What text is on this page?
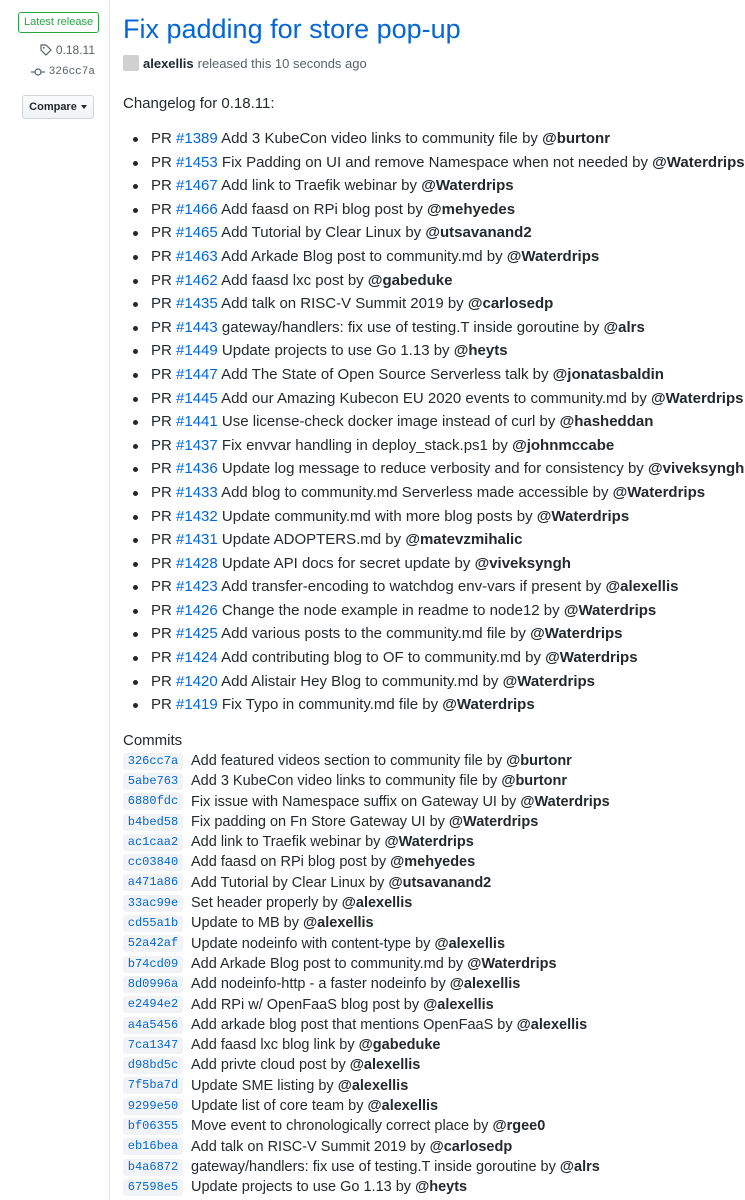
Latest release
0.18.11
326cc7a
Compare
Fix padding for store pop-up
alexellis released this 10 seconds ago
Changelog for 0.18.11:
PR #1389 Add 3 KubeCon video links to community file by @burtonr
PR #1453 Fix Padding on UI and remove Namespace when not needed by @Waterdrips
PR #1467 Add link to Traefik webinar by @Waterdrips
PR #1466 Add faasd on RPi blog post by @mehyedes
PR #1465 Add Tutorial by Clear Linux by @utsavanand2
PR #1463 Add Arkade Blog post to community.md by @Waterdrips
PR #1462 Add faasd lxc post by @gabeduke
PR #1435 Add talk on RISC-V Summit 2019 by @carlosedp
PR #1443 gateway/handlers: fix use of testing.T inside goroutine by @alrs
PR #1449 Update projects to use Go 1.13 by @heyts
PR #1447 Add The State of Open Source Serverless talk by @jonatasbaldin
PR #1445 Add our Amazing Kubecon EU 2020 events to community.md by @Waterdrips
PR #1441 Use license-check docker image instead of curl by @hasheddan
PR #1437 Fix envvar handling in deploy_stack.ps1 by @johnmccabe
PR #1436 Update log message to reduce verbosity and for consistency by @viveksyngh
PR #1433 Add blog to community.md Serverless made accessible by @Waterdrips
PR #1432 Update community.md with more blog posts by @Waterdrips
PR #1431 Update ADOPTERS.md by @matevzmihalic
PR #1428 Update API docs for secret update by @viveksyngh
PR #1423 Add transfer-encoding to watchdog env-vars if present by @alexellis
PR #1426 Change the node example in readme to node12 by @Waterdrips
PR #1425 Add various posts to the community.md file by @Waterdrips
PR #1424 Add contributing blog to OF to community.md by @Waterdrips
PR #1420 Add Alistair Hey Blog to community.md by @Waterdrips
PR #1419 Fix Typo in community.md file by @Waterdrips
Commits
326cc7a Add featured videos section to community file by @burtonr
5abe763 Add 3 KubeCon video links to community file by @burtonr
6880fdc Fix issue with Namespace suffix on Gateway UI by @Waterdrips
b4bed58 Fix padding on Fn Store Gateway UI by @Waterdrips
ac1caa2 Add link to Traefik webinar by @Waterdrips
cc03840 Add faasd on RPi blog post by @mehyedes
a471a86 Add Tutorial by Clear Linux by @utsavanand2
33ac99e Set header properly by @alexellis
cd55a1b Update to MB by @alexellis
52a42af Update nodeinfo with content-type by @alexellis
b74cd09 Add Arkade Blog post to community.md by @Waterdrips
8d0996a Add nodeinfo-http - a faster nodeinfo by @alexellis
e2494e2 Add RPi w/ OpenFaaS blog post by @alexellis
a4a5456 Add arkade blog post that mentions OpenFaaS by @alexellis
7ca1347 Add faasd lxc blog link by @gabeduke
d98bd5c Add privte cloud post by @alexellis
7f5ba7d Update SME listing by @alexellis
9299e50 Update list of core team by @alexellis
bf06355 Move event to chronologically correct place by @rgee0
eb16bea Add talk on RISC-V Summit 2019 by @carlosedp
b4a6872 gateway/handlers: fix use of testing.T inside goroutine by @alrs
67598e5 Update projects to use Go 1.13 by @heyts
